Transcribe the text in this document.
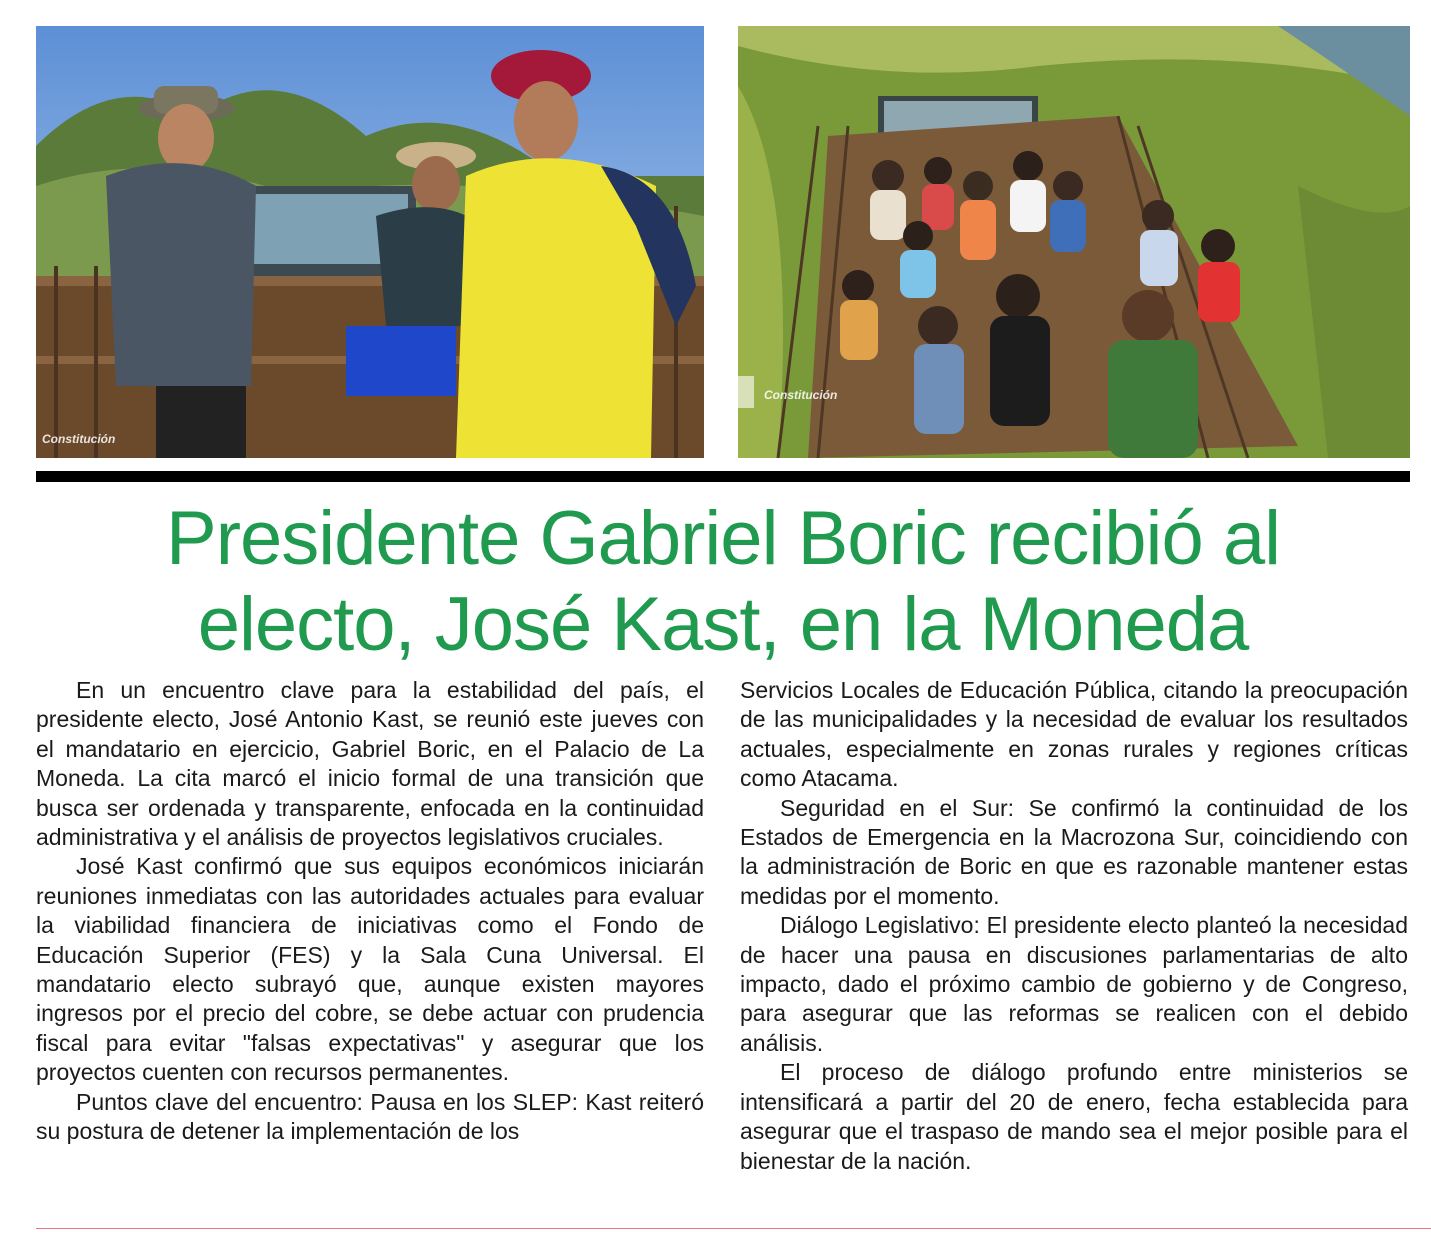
Constitución
Constitución
Presidente Gabriel Boric recibió al
electo, José Kast, en la Moneda

En un encuentro clave para la estabilidad del país, el presidente electo, José Antonio Kast, se reunió este jueves con el mandatario en ejercicio, Gabriel Boric, en el Palacio de La Moneda. La cita marcó el inicio formal de una transición que busca ser ordenada y transparente, enfocada en la continuidad administrativa y el análisis de proyectos legislativos cruciales.

José Kast confirmó que sus equipos económicos iniciarán reuniones inmediatas con las autoridades actuales para evaluar la viabilidad financiera de iniciativas como el Fondo de Educación Superior (FES) y la Sala Cuna Universal. El mandatario electo subrayó que, aunque existen mayores ingresos por el precio del cobre, se debe actuar con prudencia fiscal para evitar "falsas expectativas" y asegurar que los proyectos cuenten con recursos permanentes.

Puntos clave del encuentro: Pausa en los SLEP: Kast reiteró su postura de detener la implementación de los

Servicios Locales de Educación Pública, citando la preocupación de las municipalidades y la necesidad de evaluar los resultados actuales, especialmente en zonas rurales y regiones críticas como Atacama.

Seguridad en el Sur: Se confirmó la continuidad de los Estados de Emergencia en la Macrozona Sur, coincidiendo con la administración de Boric en que es razonable mantener estas medidas por el momento.

Diálogo Legislativo: El presidente electo planteó la necesidad de hacer una pausa en discusiones parlamentarias de alto impacto, dado el próximo cambio de gobierno y de Congreso, para asegurar que las reformas se realicen con el debido análisis.

El proceso de diálogo profundo entre ministerios se intensificará a partir del 20 de enero, fecha establecida para asegurar que el traspaso de mando sea el mejor posible para el bienestar de la nación.
